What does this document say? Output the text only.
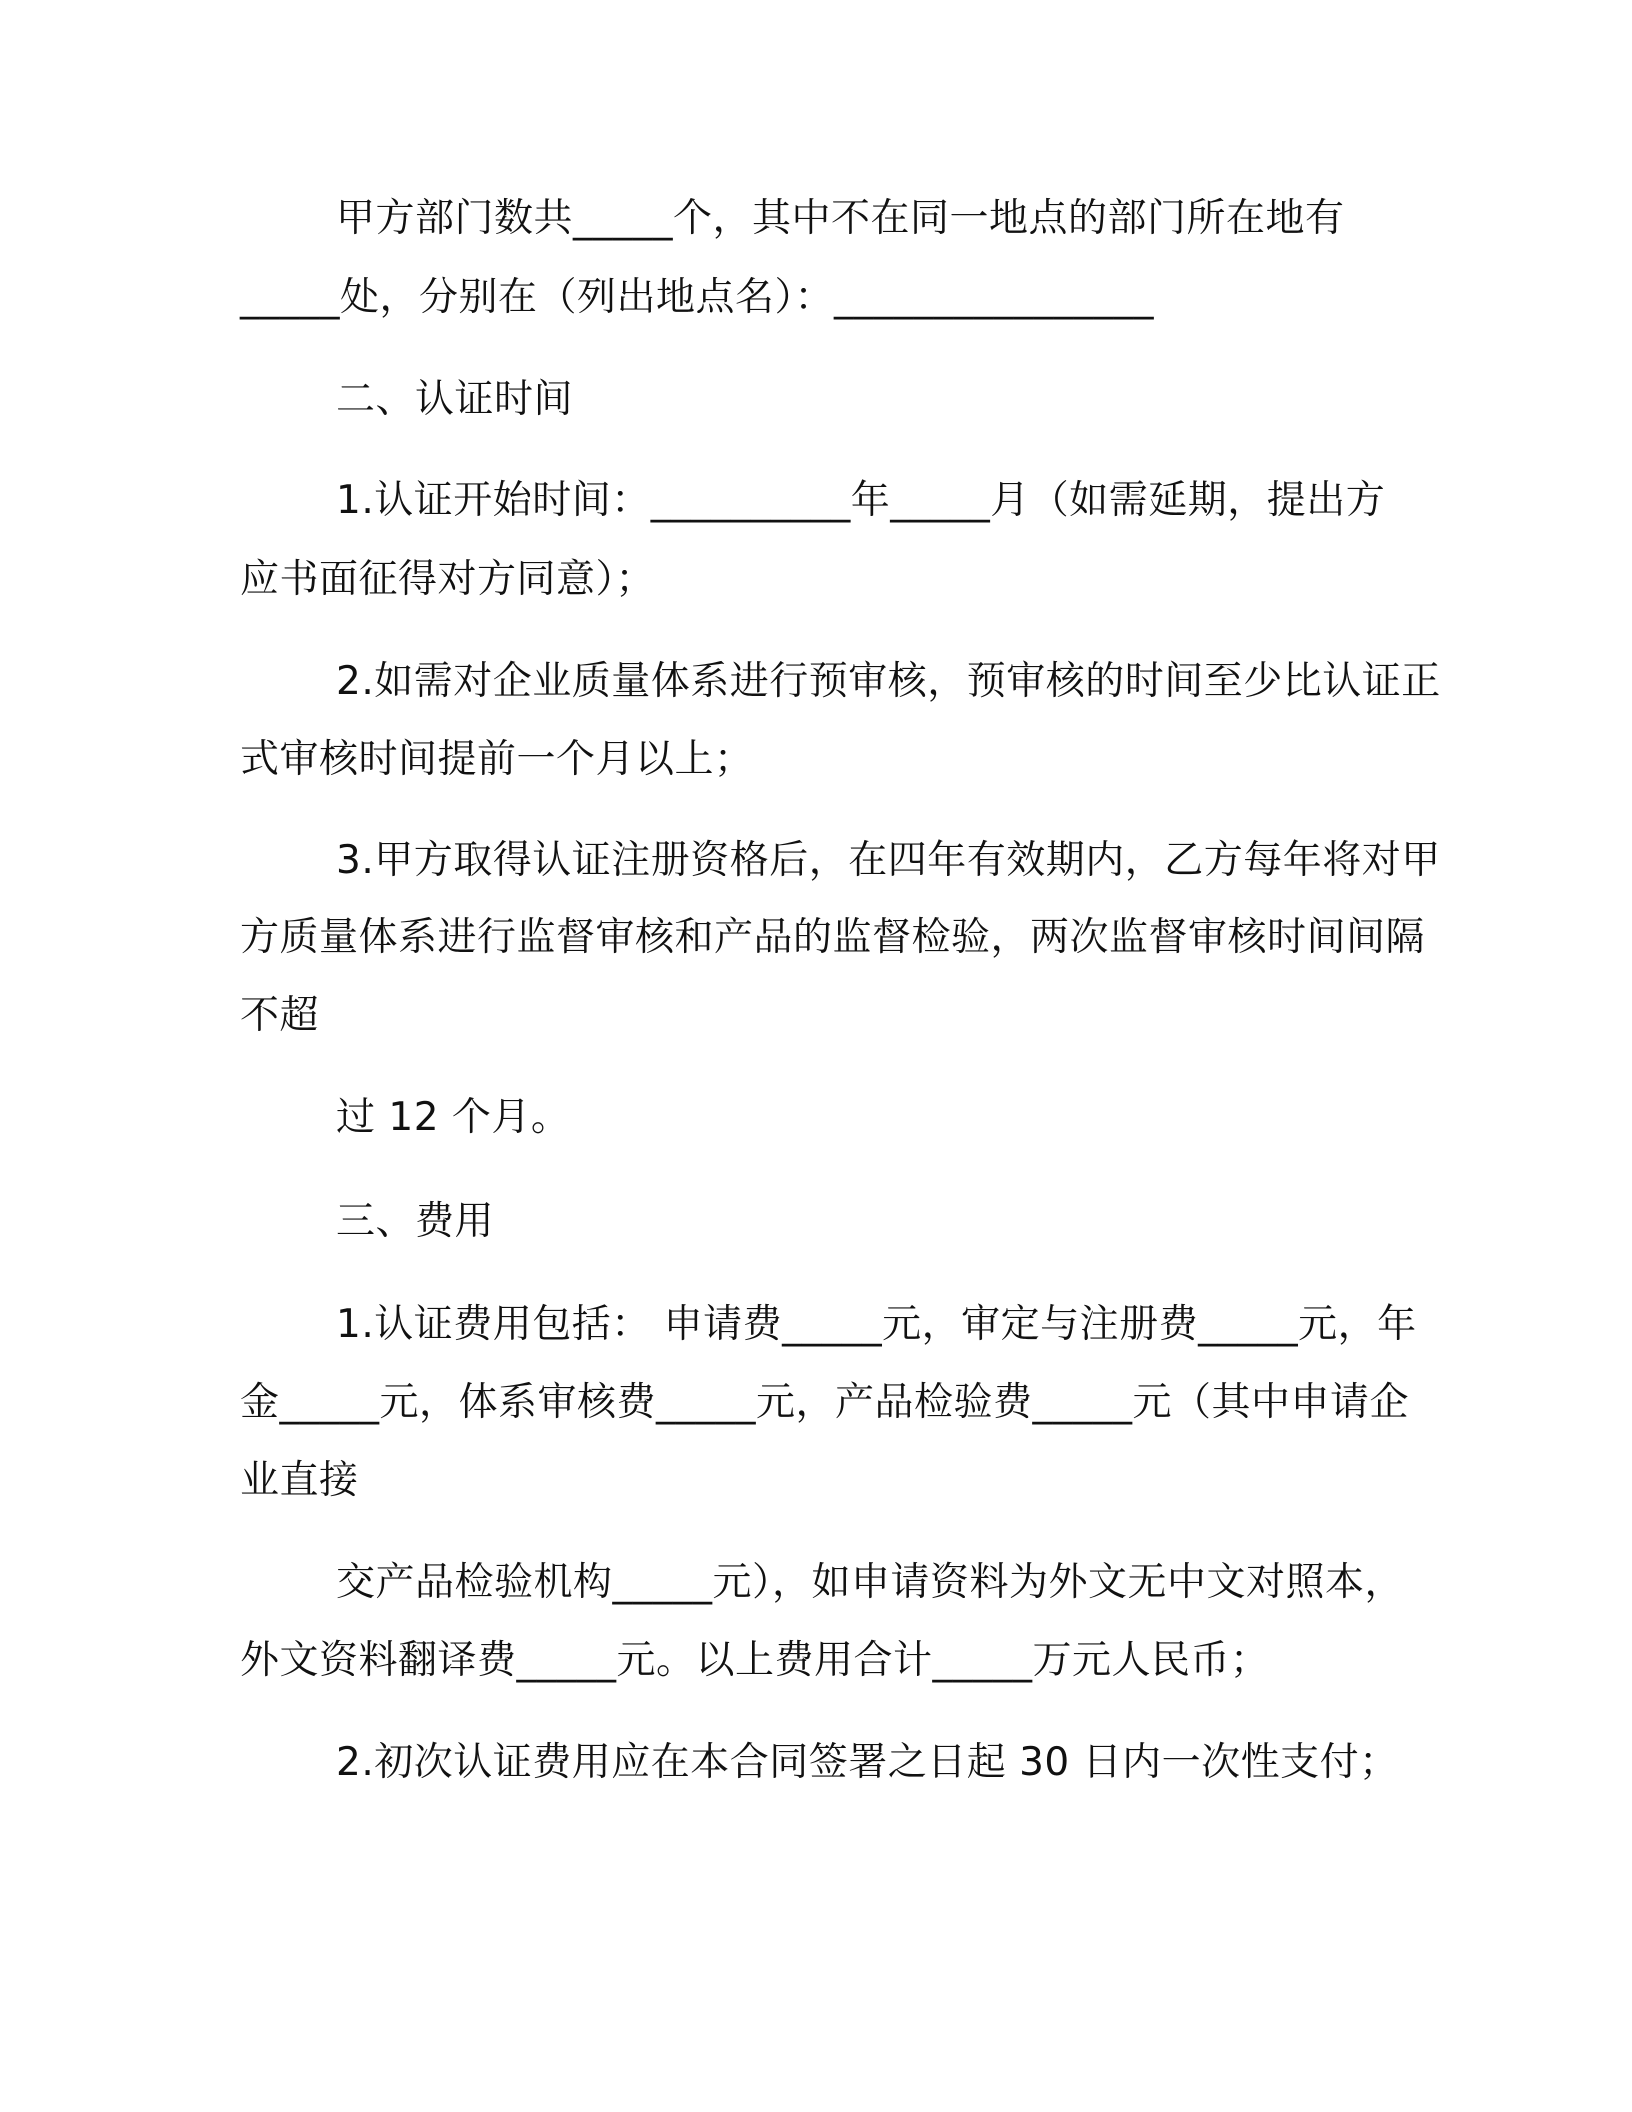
甲方部门数共_____个，其中不在同一地点的部门所在地有
_____处，分别在（列出地点名）：________________
二、认证时间
1.认证开始时间：__________年_____月（如需延期，提出方
应书面征得对方同意）；
2.如需对企业质量体系进行预审核，预审核的时间至少比认证正
式审核时间提前一个月以上；
3.甲方取得认证注册资格后，在四年有效期内，乙方每年将对甲
方质量体系进行监督审核和产品的监督检验，两次监督审核时间间隔
不超
过 12 个月。
三、费用
1.认证费用包括： 申请费_____元，审定与注册费_____元，年
金_____元，体系审核费_____元，产品检验费_____元（其中申请企
业直接
交产品检验机构_____元），如申请资料为外文无中文对照本，
外文资料翻译费_____元。以上费用合计_____万元人民币；
2.初次认证费用应在本合同签署之日起 30 日内一次性支付；
